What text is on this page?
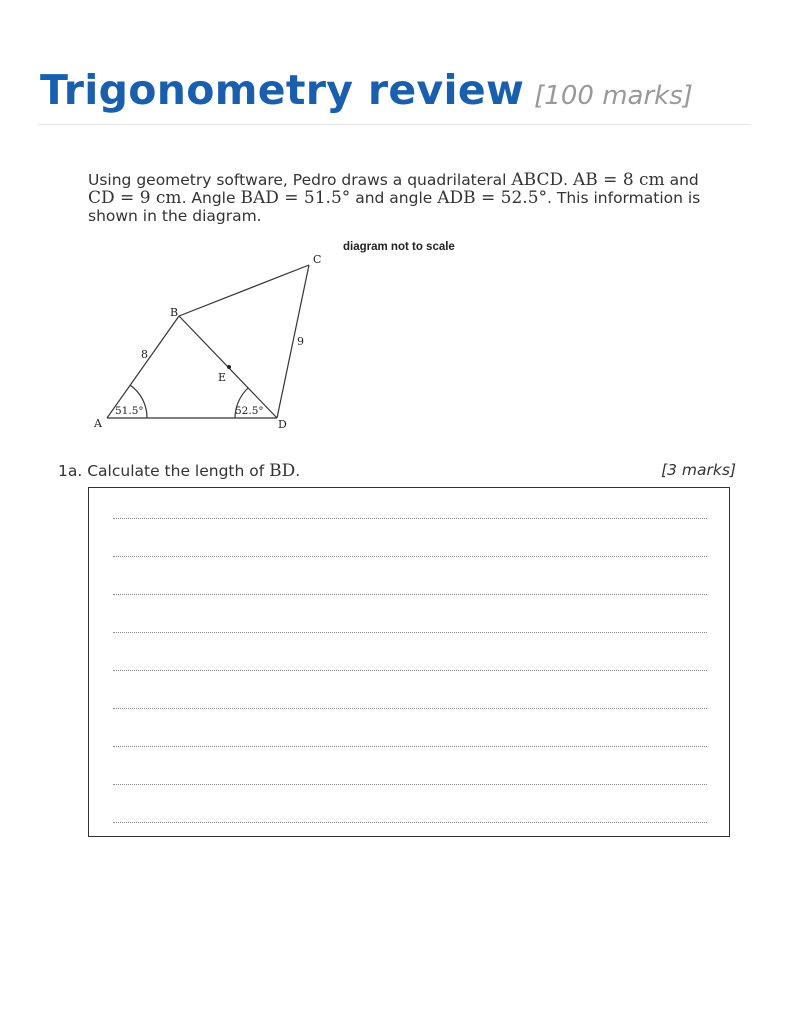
Trigonometry review [100 marks]
Using geometry software, Pedro draws a quadrilateral ABCD. AB = 8 cm and
CD = 9 cm. Angle BAD = 51.5° and angle ADB = 52.5°. This information is shown in the diagram.
diagram not to scale
A
B
C
D
E
8
9
51.5°	52.5°
1a. Calculate the length of BD.	[3 marks]
